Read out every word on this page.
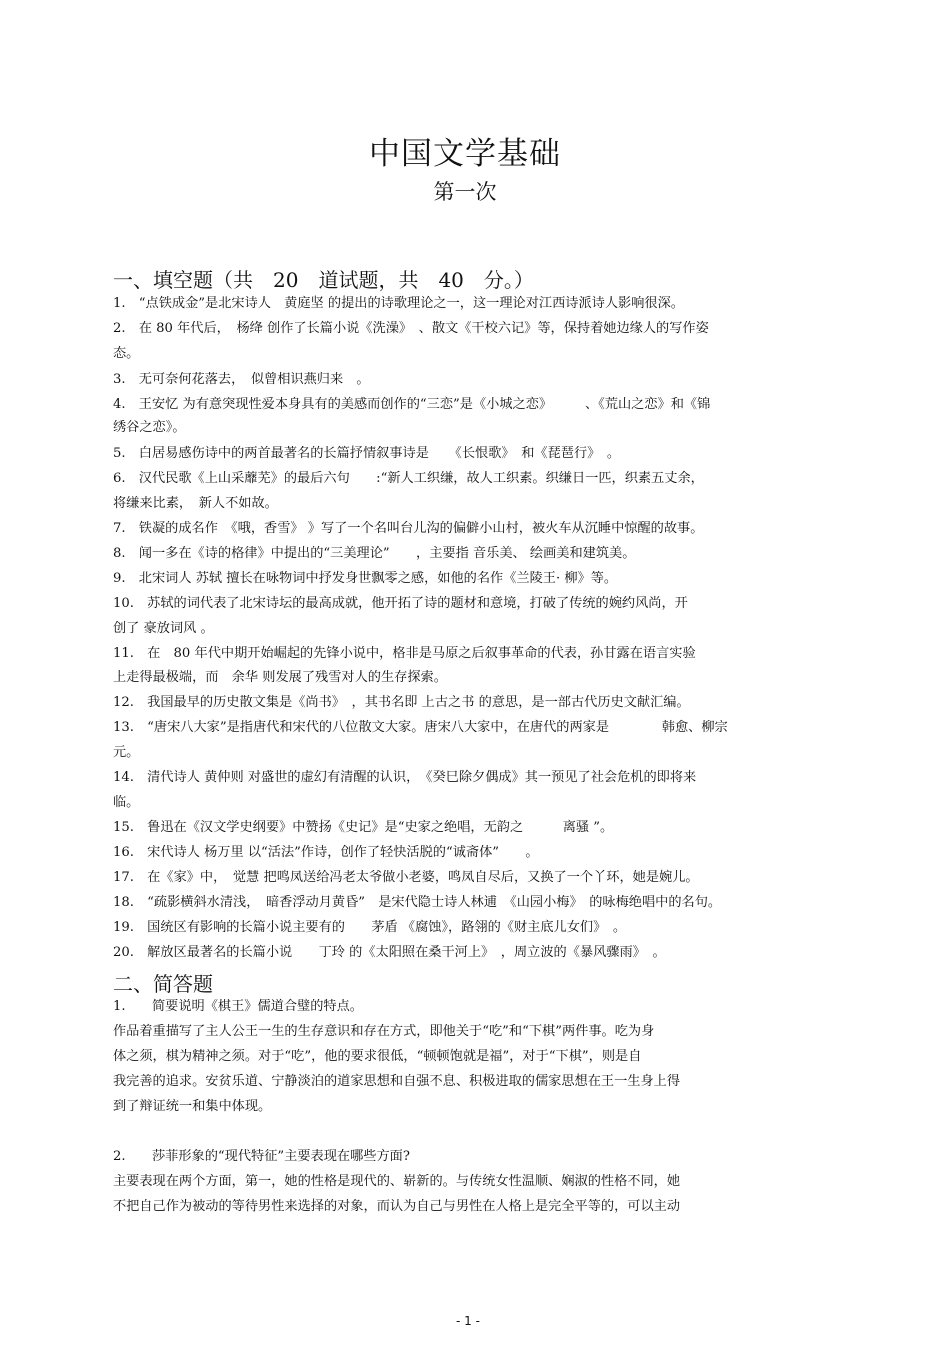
中国文学基础
第一次
一、填空题（共　20　道试题，共　40　分。）
1.　“点铁成金”是北宋诗人　黄庭坚 的提出的诗歌理论之一，这一理论对江西诗派诗人影响很深。
2.　在 80 年代后，　杨绛 创作了长篇小说《洗澡》　、散文《干校六记》等，保持着她边缘人的写作姿
态。
3.　无可奈何花落去，　似曾相识燕归来　。
4.　王安忆 为有意突现性爱本身具有的美感而创作的“三恋”是《小城之恋》　　　、《荒山之恋》和《锦
绣谷之恋》。
5.　白居易感伤诗中的两首最著名的长篇抒情叙事诗是　　《长恨歌》　和《琵琶行》　。
6.　汉代民歌《上山采蘼芜》的最后六句　　:“新人工织缣，故人工织素。织缣日一匹，织素五丈余，
将缣来比素，　新人不如故。
7.　铁凝的成名作　《哦，香雪》 》写了一个名叫台儿沟的偏僻小山村，被火车从沉睡中惊醒的故事。
8.　闻一多在《诗的格律》中提出的“三美理论”　　，主要指 音乐美、 绘画美和建筑美。
9.　北宋词人 苏轼 擅长在咏物词中抒发身世飘零之感，如他的名作《兰陵王· 柳》等。
10.　苏轼的词代表了北宋诗坛的最高成就，他开拓了诗的题材和意境，打破了传统的婉约风尚，开
创了 豪放词风 。
11.　在　80 年代中期开始崛起的先锋小说中，格非是马原之后叙事革命的代表，孙甘露在语言实验
上走得最极端，而　余华 则发展了残雪对人的生存探索。
12.　我国最早的历史散文集是《尚书》　，其书名即 上古之书 的意思，是一部古代历史文献汇编。
13.　“唐宋八大家”是指唐代和宋代的八位散文大家。唐宋八大家中，在唐代的两家是　　　　韩愈、柳宗
元。
14.　清代诗人 黄仲则 对盛世的虚幻有清醒的认识，　《癸巳除夕偶成》其一预见了社会危机的即将来
临。
15.　鲁迅在《汉文学史纲要》中赞扬《史记》是“史家之绝唱，无韵之　　　离骚 ”。
16.　宋代诗人 杨万里 以“活法”作诗，创作了轻快活脱的“诚斋体”　　。
17.　在《家》中，　觉慧 把鸣凤送给冯老太爷做小老婆，鸣凤自尽后，又换了一个丫环，她是婉儿。
18.　“疏影横斜水清浅，　暗香浮动月黄昏”　是宋代隐士诗人林逋　《山园小梅》　的咏梅绝唱中的名句。
19.　国统区有影响的长篇小说主要有的　　茅盾 《腐蚀》，路翎的《财主底儿女们》　。
20.　解放区最著名的长篇小说　　丁玲 的《太阳照在桑干河上》　，周立波的《暴风骤雨》　。
二、简答题
1.　　简要说明《棋王》儒道合璧的特点。
作品着重描写了主人公王一生的生存意识和存在方式，即他关于“吃”和“下棋”两件事。吃为身
体之须，棋为精神之须。对于“吃”，他的要求很低，“顿顿饱就是福”，对于“下棋”，则是自
我完善的追求。安贫乐道、宁静淡泊的道家思想和自强不息、积极进取的儒家思想在王一生身上得
到了辩证统一和集中体现。
2.　　莎菲形象的“现代特征”主要表现在哪些方面?
主要表现在两个方面，第一，她的性格是现代的、崭新的。与传统女性温顺、娴淑的性格不同，她
不把自己作为被动的等待男性来选择的对象，而认为自己与男性在人格上是完全平等的，可以主动
- 1 -
